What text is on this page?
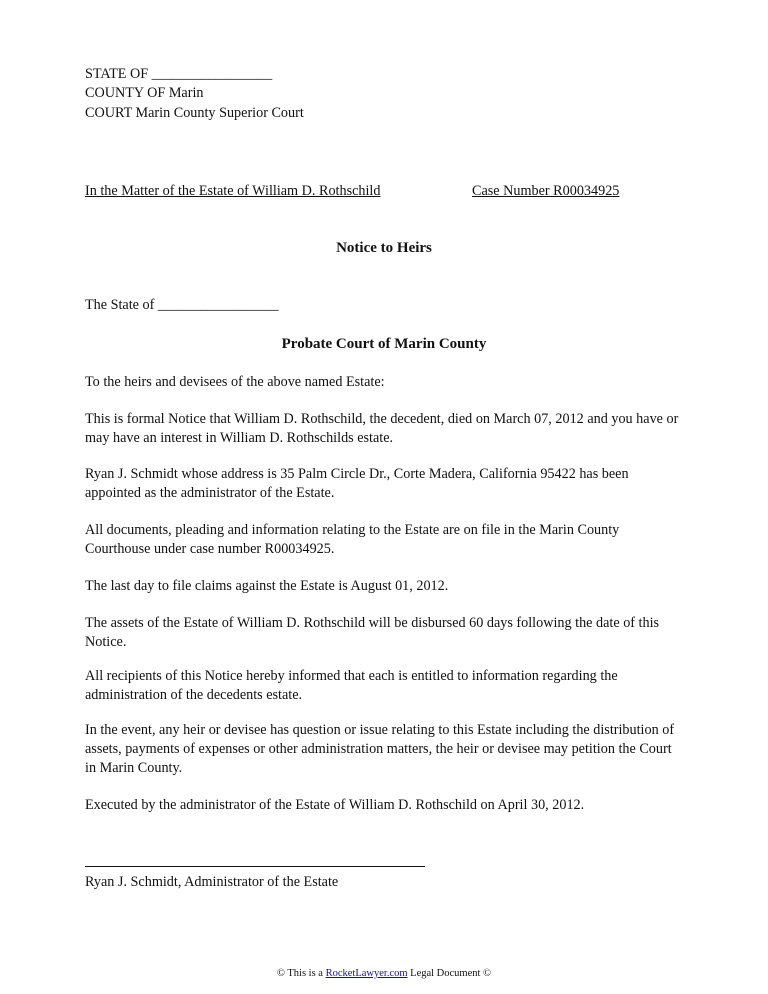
STATE OF _________________
COUNTY OF Marin
COURT Marin County Superior Court
In the Matter of the Estate of William D. Rothschild	Case Number R00034925
Notice to Heirs
The State of _________________
Probate Court of Marin County
To the heirs and devisees of the above named Estate:
This is formal Notice that William D. Rothschild, the decedent, died on March 07, 2012 and you have or may have an interest in William D. Rothschilds estate.
Ryan J. Schmidt whose address is 35 Palm Circle Dr., Corte Madera, California 95422 has been appointed as the administrator of the Estate.
All documents, pleading and information relating to the Estate are on file in the Marin County Courthouse under case number R00034925.
The last day to file claims against the Estate is August 01, 2012.
The assets of the Estate of William D. Rothschild will be disbursed 60 days following the date of this Notice.
All recipients of this Notice hereby informed that each is entitled to information regarding the administration of the decedents estate.
In the event, any heir or devisee has question or issue relating to this Estate including the distribution of assets, payments of expenses or other administration matters, the heir or devisee may petition the Court in Marin County.
Executed by the administrator of the Estate of William D. Rothschild on April 30, 2012.
Ryan J. Schmidt, Administrator of the Estate
© This is a RocketLawyer.com Legal Document ©
